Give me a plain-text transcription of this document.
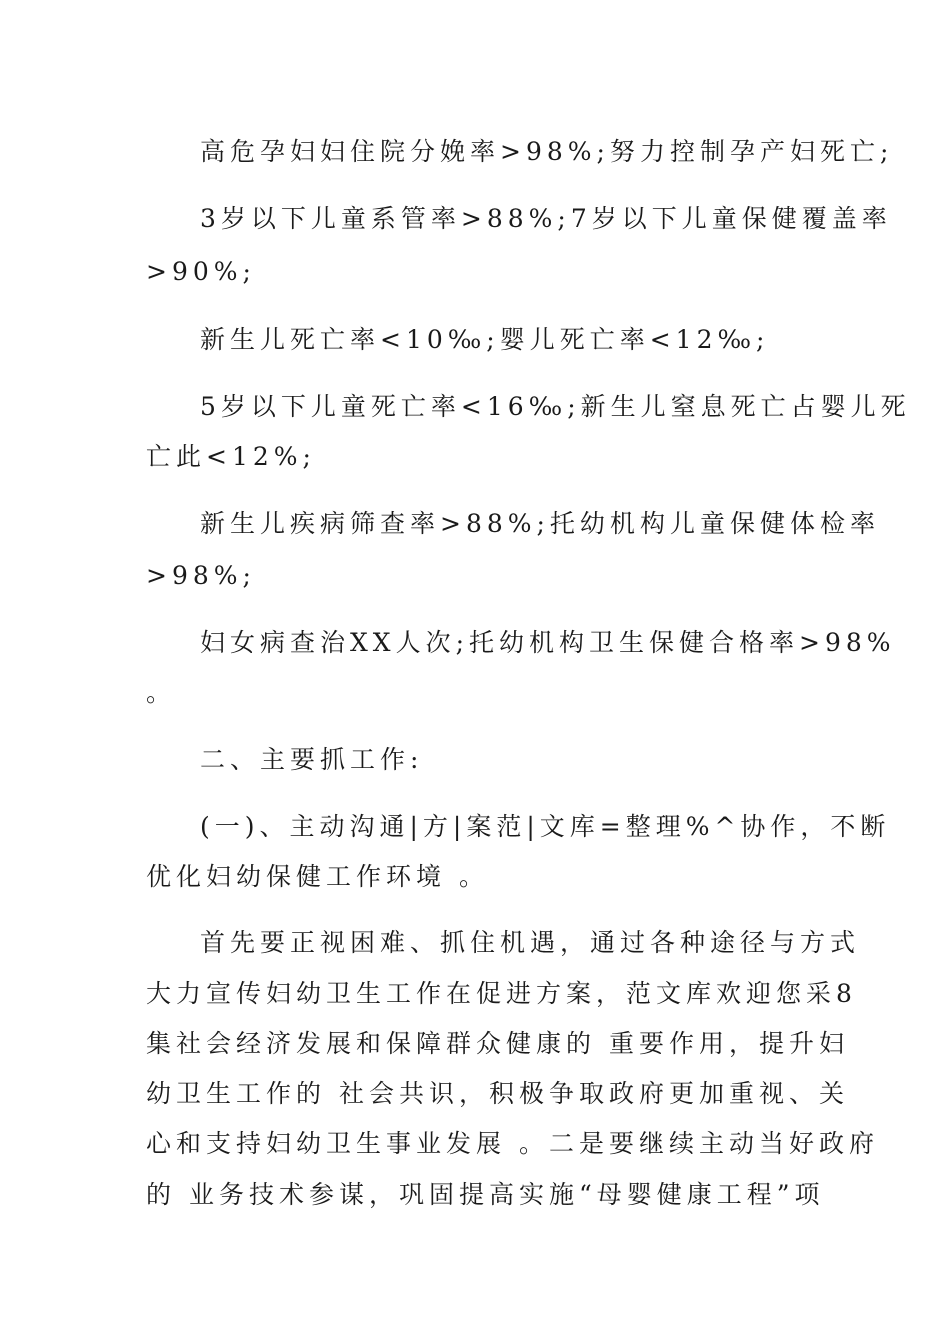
高危孕妇妇住院分娩率>98%;努力控制孕产妇死亡;
3岁以下儿童系管率>88%;7岁以下儿童保健覆盖率
>90%;
新生儿死亡率<10‰;婴儿死亡率<12‰;
5岁以下儿童死亡率<16‰;新生儿窒息死亡占婴儿死
亡此<12%;
新生儿疾病筛查率>88%;托幼机构儿童保健体检率
>98%;
妇女病查治XX人次;托幼机构卫生保健合格率>98%
。
二、主要抓工作:
(一)、主动沟通|方|案范|文库=整理%^协作，不断
优化妇幼保健工作环境 。
首先要正视困难、抓住机遇，通过各种途径与方式
大力宣传妇幼卫生工作在促进方案，范文库欢迎您采8
集社会经济发展和保障群众健康的 重要作用，提升妇
幼卫生工作的 社会共识，积极争取政府更加重视、关
心和支持妇幼卫生事业发展 。二是要继续主动当好政府
的 业务技术参谋，巩固提高实施“母婴健康工程”项
